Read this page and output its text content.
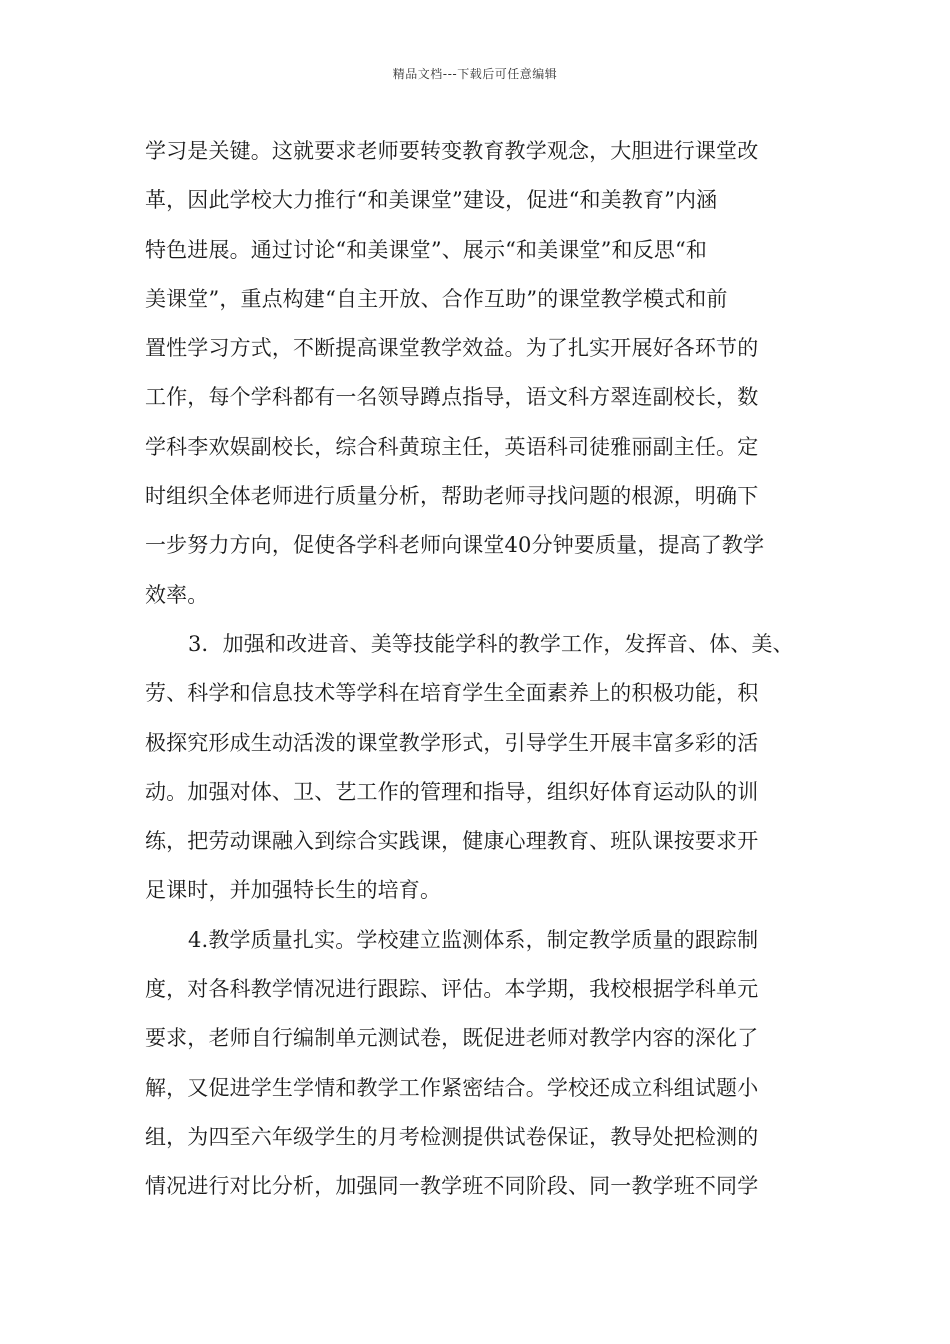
精品文档---下载后可任意编辑
学习是关键。这就要求老师要转变教育教学观念，大胆进行课堂改
革，因此学校大力推行“和美课堂”建设，促进“和美教育”内涵
特色进展。通过讨论“和美课堂”、展示“和美课堂”和反思“和
美课堂”，重点构建“自主开放、合作互助”的课堂教学模式和前
置性学习方式，不断提高课堂教学效益。为了扎实开展好各环节的
工作，每个学科都有一名领导蹲点指导，语文科方翠连副校长，数
学科李欢娱副校长，综合科黄琼主任，英语科司徒雅丽副主任。定
时组织全体老师进行质量分析，帮助老师寻找问题的根源，明确下
一步努力方向，促使各学科老师向课堂40分钟要质量，提高了教学
效率。
3．加强和改进音、美等技能学科的教学工作，发挥音、体、美、
劳、科学和信息技术等学科在培育学生全面素养上的积极功能，积
极探究形成生动活泼的课堂教学形式，引导学生开展丰富多彩的活
动。加强对体、卫、艺工作的管理和指导，组织好体育运动队的训
练，把劳动课融入到综合实践课，健康心理教育、班队课按要求开
足课时，并加强特长生的培育。
4.教学质量扎实。学校建立监测体系，制定教学质量的跟踪制
度，对各科教学情况进行跟踪、评估。本学期，我校根据学科单元
要求，老师自行编制单元测试卷，既促进老师对教学内容的深化了
解，又促进学生学情和教学工作紧密结合。学校还成立科组试题小
组，为四至六年级学生的月考检测提供试卷保证，教导处把检测的
情况进行对比分析，加强同一教学班不同阶段、同一教学班不同学
